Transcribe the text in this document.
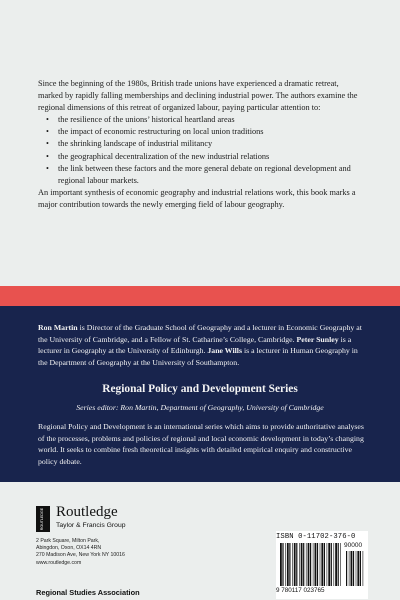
Since the beginning of the 1980s, British trade unions have experienced a dramatic retreat, marked by rapidly falling memberships and declining industrial power. The authors examine the regional dimensions of this retreat of organized labour, paying particular attention to:

• the resilience of the unions’ historical heartland areas
• the impact of economic restructuring on local union traditions
• the shrinking landscape of industrial militancy
• the geographical decentralization of the new industrial relations
• the link between these factors and the more general debate on regional development and regional labour markets.

An important synthesis of economic geography and industrial relations work, this book marks a major contribution towards the newly emerging field of labour geography.

Ron Martin is Director of the Graduate School of Geography and a lecturer in Economic Geography at the University of Cambridge, and a Fellow of St. Catharine’s College, Cambridge. Peter Sunley is a lecturer in Geography at the University of Edinburgh. Jane Wills is a lecturer in Human Geography in the Department of Geography at the University of Southampton.
Regional Policy and Development Series
Series editor: Ron Martin, Department of Geography, University of Cambridge
Regional Policy and Development is an international series which aims to provide authoritative analyses of the processes, problems and policies of regional and local economic development in today’s changing world. It seeks to combine fresh theoretical insights with detailed empirical enquiry and constructive policy debate.
ROUTLEDGE Routledge
Taylor & Francis Group
2 Park Square, Milton Park,
Abingdon, Oxon, OX14 4RN
270 Madison Ave, New York NY 10016
www.routledge.com
Regional Studies Association
ISBN 0-11702-376-0
90000
9 780117 023765
